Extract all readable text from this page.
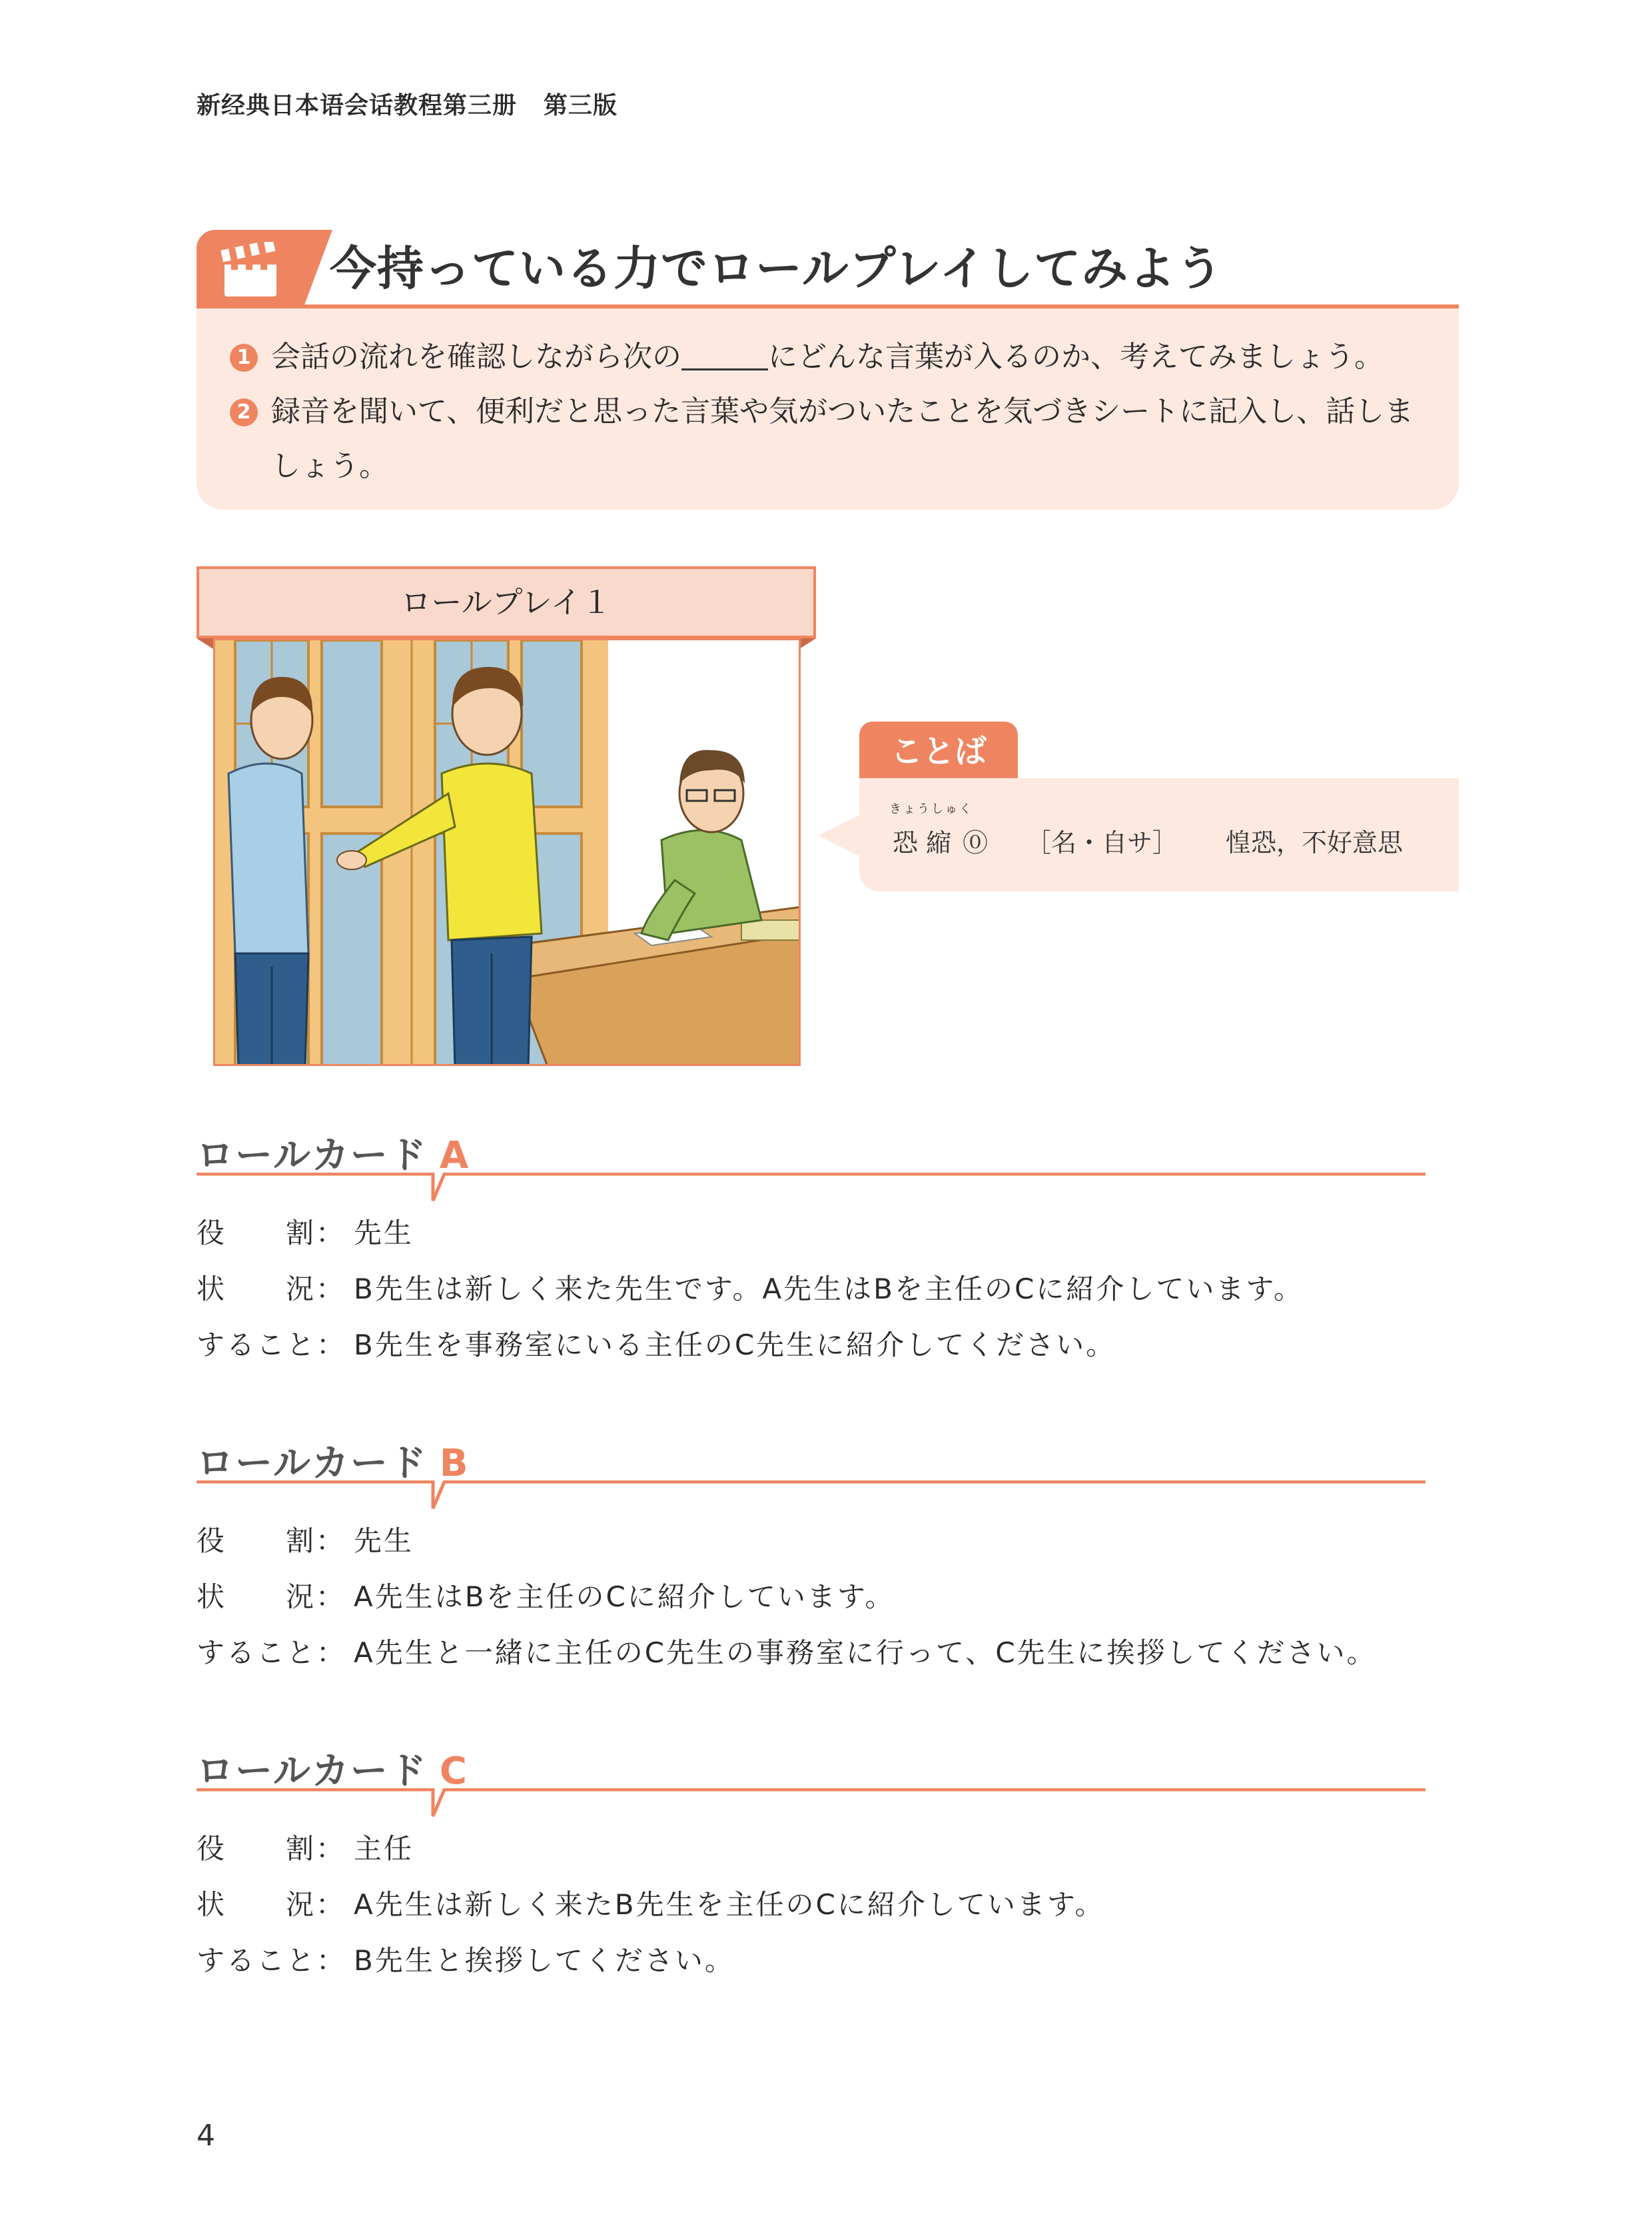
新经典日本语会话教程第三册 第三版
今持っている力でロールプレイしてみよう
1 会話の流れを確認しながら次の	にどんな言葉が入るのか、考えてみましょう。
2 録音を聞いて、便利だと思った言葉や気がついたことを気づきシートに記入し、話しま
しょう。
ロールプレイ１
ことば
きょうしゅく
恐 縮 ⓪ ［名・自サ］ 惶恐，不好意思
ロールカード A
役 割： 先生
状 況： B先生は新しく来た先生です。A先生はBを主任のCに紹介しています。
すること： B先生を事務室にいる主任のC先生に紹介してください。
ロールカード B
役 割： 先生
状 況： A先生はBを主任のCに紹介しています。
すること： A先生と一緒に主任のC先生の事務室に行って、C先生に挨拶してください。
ロールカード C
役 割： 主任
状 況： A先生は新しく来たB先生を主任のCに紹介しています。
すること： B先生と挨拶してください。
4
